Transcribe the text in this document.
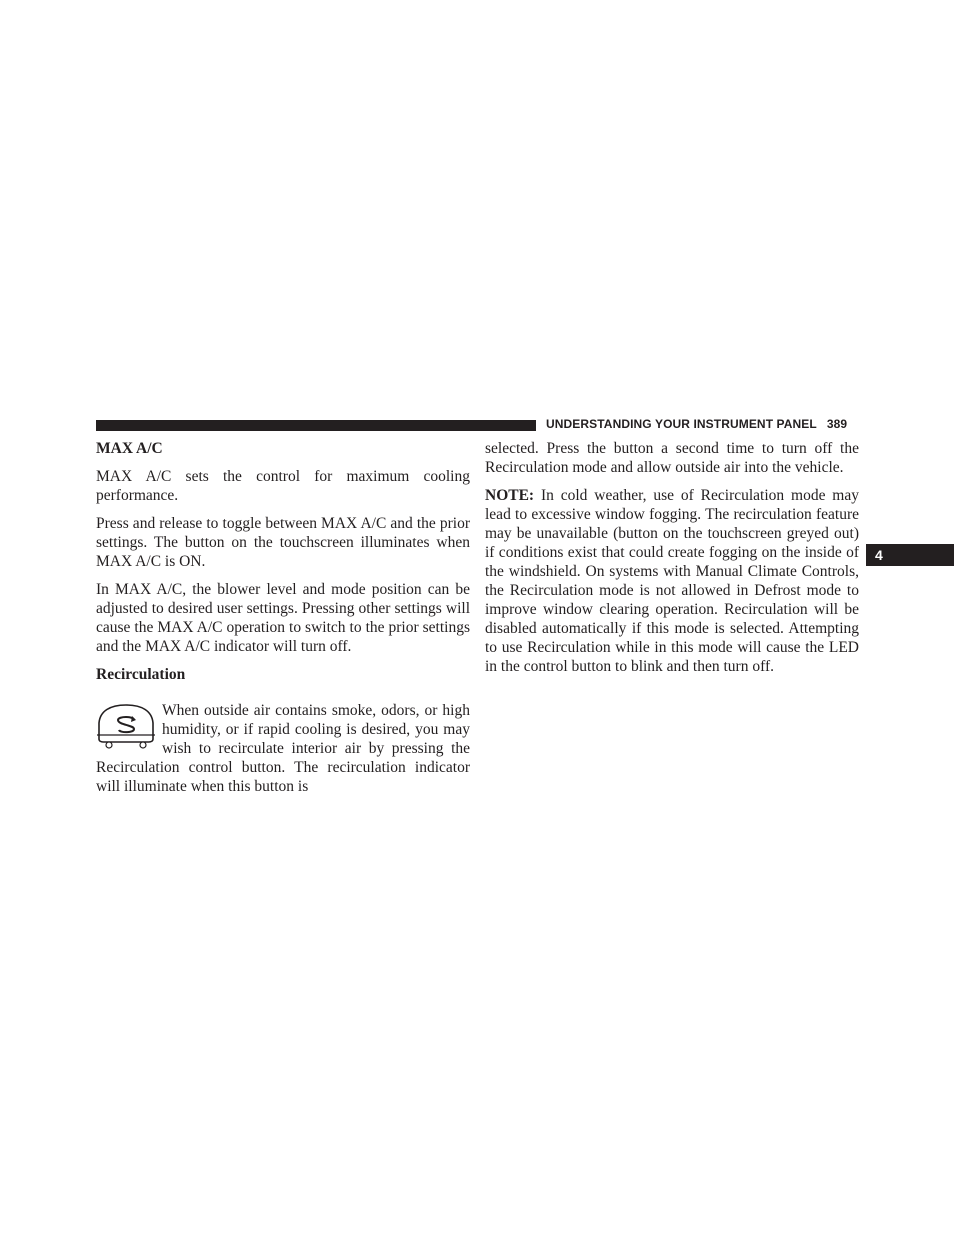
UNDERSTANDING YOUR INSTRUMENT PANEL 389
4
MAX A/C

MAX A/C sets the control for maximum cooling performance.

Press and release to toggle between MAX A/C and the prior settings. The button on the touchscreen illuminates when MAX A/C is ON.

In MAX A/C, the blower level and mode position can be adjusted to desired user settings. Pressing other settings will cause the MAX A/C operation to switch to the prior settings and the MAX A/C indicator will turn off.

Recirculation
When outside air contains smoke, odors, or high humidity, or if rapid cooling is desired, you may wish to recirculate interior air by pressing the Recirculation control button. The recirculation indicator will illuminate when this button is

selected. Press the button a second time to turn off the Recirculation mode and allow outside air into the vehicle.

NOTE: In cold weather, use of Recirculation mode may lead to excessive window fogging. The recirculation feature may be unavailable (button on the touchscreen greyed out) if conditions exist that could create fogging on the inside of the windshield. On systems with Manual Climate Controls, the Recirculation mode is not allowed in Defrost mode to improve window clearing operation. Recirculation will be disabled automatically if this mode is selected. Attempting to use Recirculation while in this mode will cause the LED in the control button to blink and then turn off.
